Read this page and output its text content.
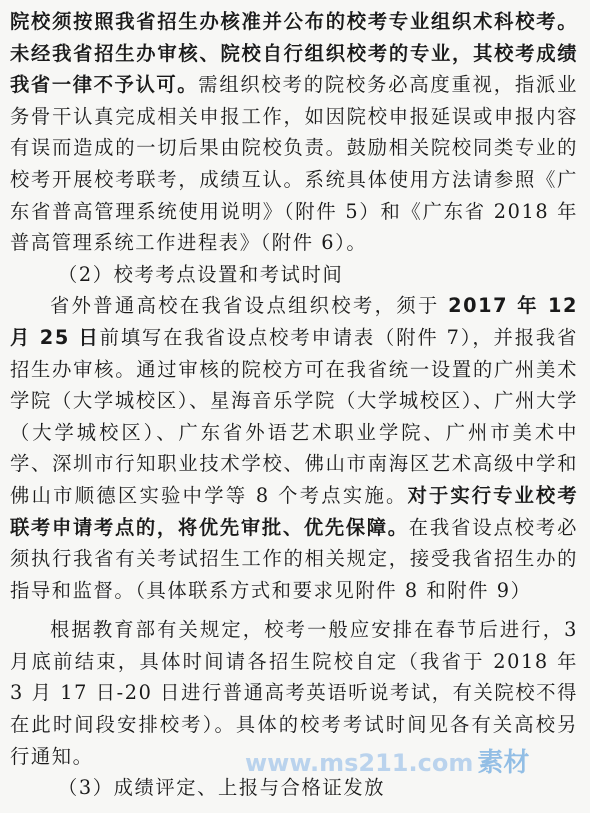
院校须按照我省招生办核准并公布的校考专业组织术科校考。未经我省招生办审核、院校自行组织校考的专业，其校考成绩我省一律不予认可。需组织校考的院校务必高度重视，指派业务骨干认真完成相关申报工作，如因院校申报延误或申报内容有误而造成的一切后果由院校负责。鼓励相关院校同类专业的校考开展校考联考，成绩互认。系统具体使用方法请参照《广东省普高管理系统使用说明》（附件 5）和《广东省 2018 年普高管理系统工作进程表》（附件 6）。

（2）校考考点设置和考试时间

省外普通高校在我省设点组织校考，须于 2017 年 12 月 25 日前填写在我省设点校考申请表（附件 7），并报我省招生办审核。通过审核的院校方可在我省统一设置的广州美术学院（大学城校区）、星海音乐学院（大学城校区）、广州大学（大学城校区）、广东省外语艺术职业学院、广州市美术中学、深圳市行知职业技术学校、佛山市南海区艺术高级中学和佛山市顺德区实验中学等 8 个考点实施。对于实行专业校考联考申请考点的，将优先审批、优先保障。在我省设点校考必须执行我省有关考试招生工作的相关规定，接受我省招生办的指导和监督。（具体联系方式和要求见附件 8 和附件 9）

根据教育部有关规定，校考一般应安排在春节后进行，3 月底前结束，具体时间请各招生院校自定（我省于 2018 年 3 月 17 日-20 日进行普通高考英语听说考试，有关院校不得在此时间段安排校考）。具体的校考考试时间见各有关高校另行通知。

（3）成绩评定、上报与合格证发放

www.ms211.com 素材
